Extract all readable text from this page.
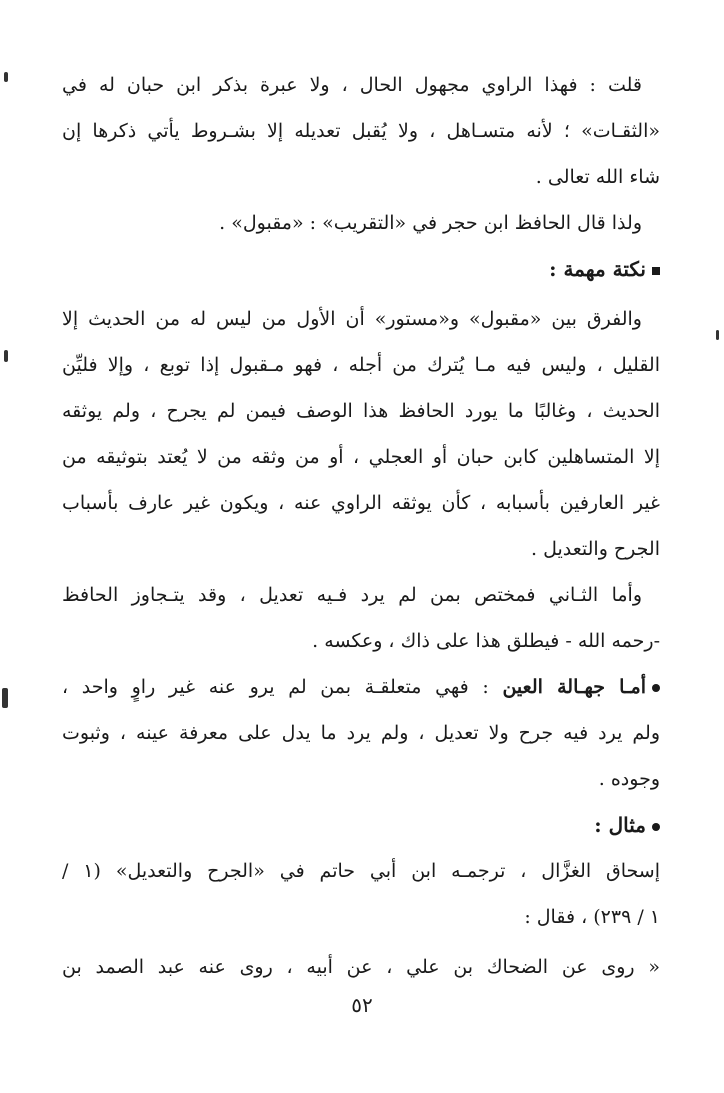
قلت : فهذا الراوي مجهول الحال ، ولا عبرة بذكر ابن حبان له في
«الثقـات» ؛ لأنه متسـاهل ، ولا يُقبل تعديله إلا بشـروط يأتي ذكرها إن
شاء الله تعالى .
ولذا قال الحافظ ابن حجر في «التقريب» : «مقبول» .
نكتة مهمة :
والفرق بين «مقبول» و«مستور» أن الأول من ليس له من الحديث إلا
القليل ، وليس فيه مـا يُترك من أجله ، فهو مـقبول إذا توبع ، وإلا فليِّن
الحديث ، وغالبًا ما يورد الحافظ هذا الوصف فيمن لم يجرح ، ولم يوثقه
إلا المتساهلين كابن حبان أو العجلي ، أو من وثقه من لا يُعتد بتوثيقه من
غير العارفين بأسبابه ، كأن يوثقه الراوي عنه ، ويكون غير عارف بأسباب
الجرح والتعديل .
وأما الثـاني فمختص بمن لم يرد فـيه تعديل ، وقد يتـجاوز الحافظ
-رحمه الله - فيطلق هذا على ذاك ، وعكسه .
أمـا جهـالة العين : فهي متعلقـة بمن لم يرو عنه غير راوٍ واحد ،
ولم يرد فيه جرح ولا تعديل ، ولم يرد ما يدل على معرفة عينه ، وثبوت
وجوده .
مثال :
إسحاق الغزَّال ، ترجمـه ابن أبي حاتم في «الجرح والتعديل» (١ /
١ / ٢٣٩) ، فقال :
« روى عن الضحاك بن علي ، عن أبيه ، روى عنه عبد الصمد بن
٥٢
